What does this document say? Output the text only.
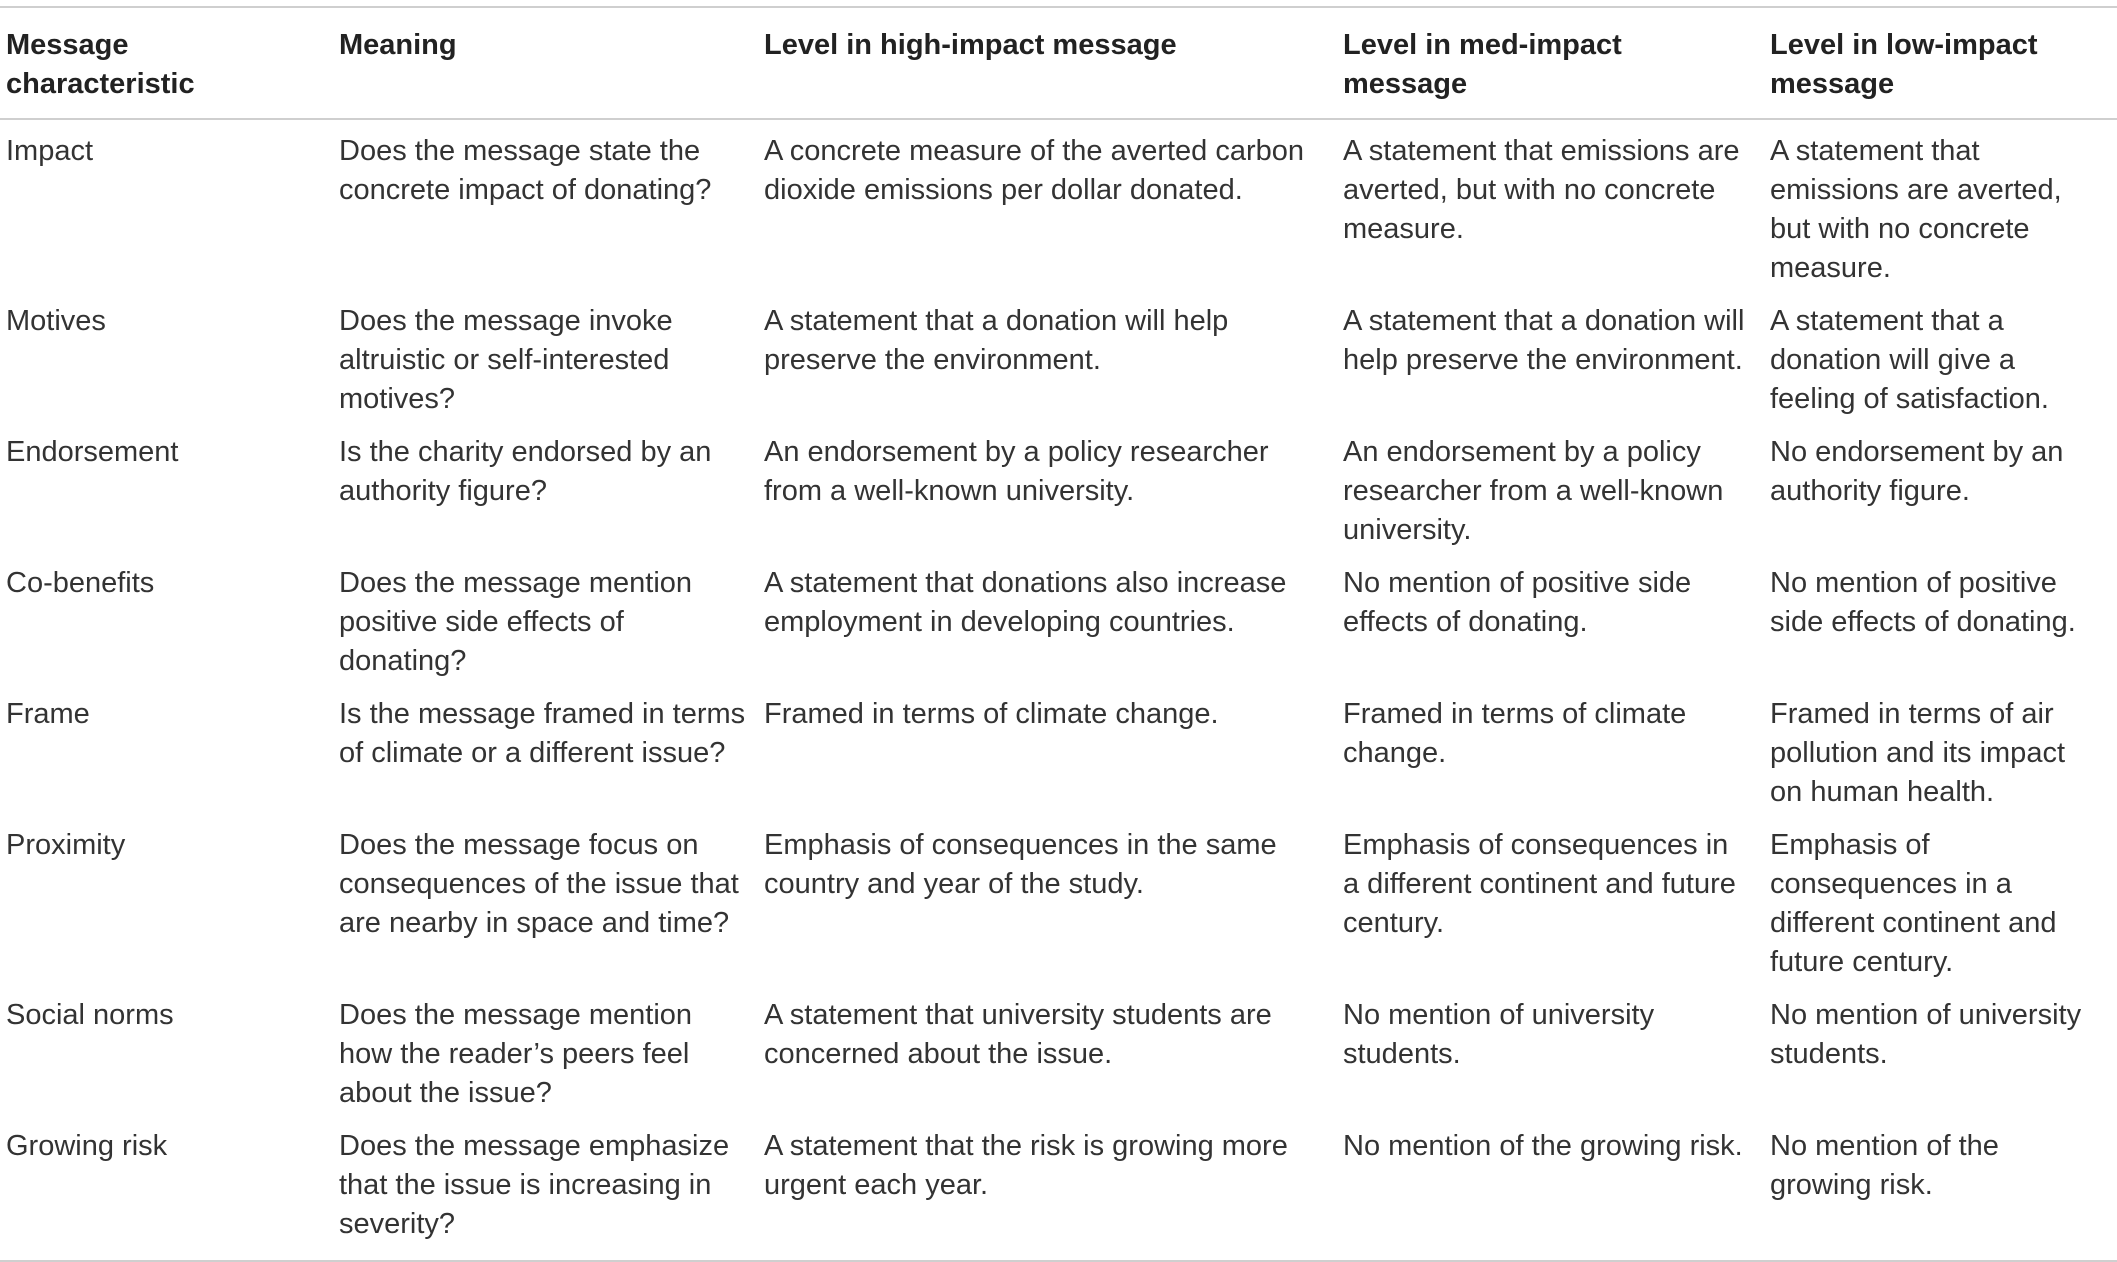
Message characteristic	Meaning	Level in high-impact message	Level in med-impact message	Level in low-impact message
Impact	Does the message state the concrete impact of donating?	A concrete measure of the averted carbon dioxide emissions per dollar donated.	A statement that emissions are averted, but with no concrete measure.	A statement that emissions are averted, but with no concrete measure.
Motives	Does the message invoke altruistic or self-interested motives?	A statement that a donation will help preserve the environment.	A statement that a donation will help preserve the environment.	A statement that a donation will give a feeling of satisfaction.
Endorsement	Is the charity endorsed by an authority figure?	An endorsement by a policy researcher from a well-known university.	An endorsement by a policy researcher from a well-known university.	No endorsement by an authority figure.
Co-benefits	Does the message mention positive side effects of donating?	A statement that donations also increase employment in developing countries.	No mention of positive side effects of donating.	No mention of positive side effects of donating.
Frame	Is the message framed in terms of climate or a different issue?	Framed in terms of climate change.	Framed in terms of climate change.	Framed in terms of air pollution and its impact on human health.
Proximity	Does the message focus on consequences of the issue that are nearby in space and time?	Emphasis of consequences in the same country and year of the study.	Emphasis of consequences in a different continent and future century.	Emphasis of consequences in a different continent and future century.
Social norms	Does the message mention how the reader’s peers feel about the issue?	A statement that university students are concerned about the issue.	No mention of university students.	No mention of university students.
Growing risk	Does the message emphasize that the issue is increasing in severity?	A statement that the risk is growing more urgent each year.	No mention of the growing risk.	No mention of the growing risk.
